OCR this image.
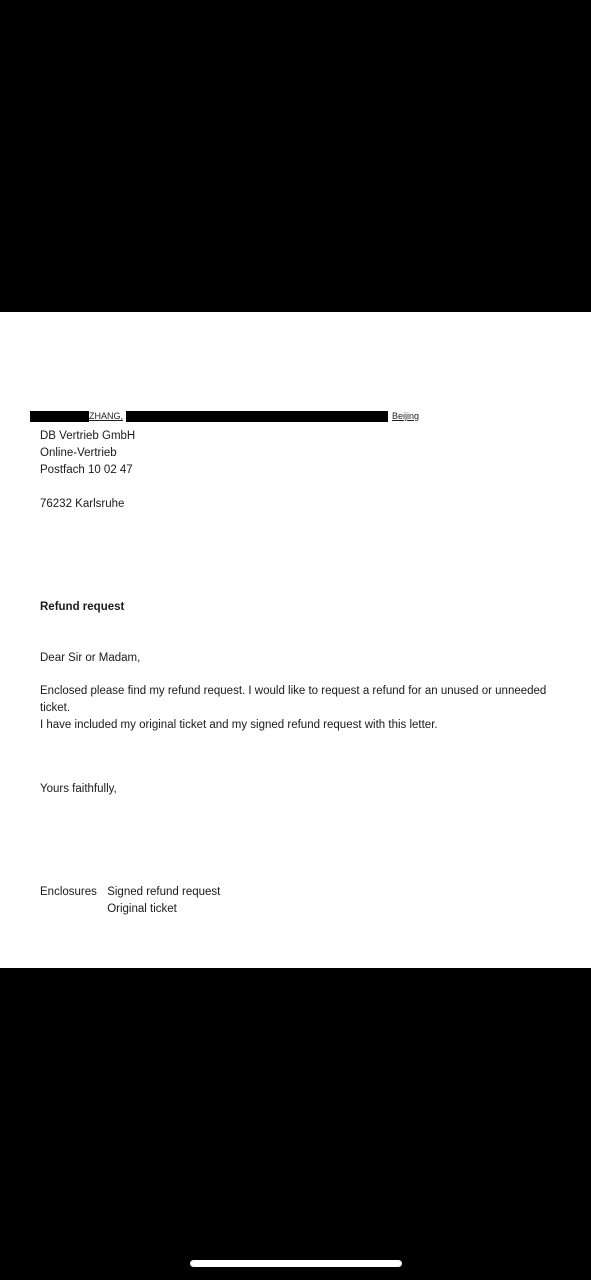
ZHANG,	Beijing
DB Vertrieb GmbH
Online-Vertrieb
Postfach 10 02 47
76232 Karlsruhe
Refund request
Dear Sir or Madam,

Enclosed please find my refund request. I would like to request a refund for an unused or unneeded ticket.

I have included my original ticket and my signed refund request with this letter.

Yours faithfully,
Enclosures Signed refund request
Original ticket
